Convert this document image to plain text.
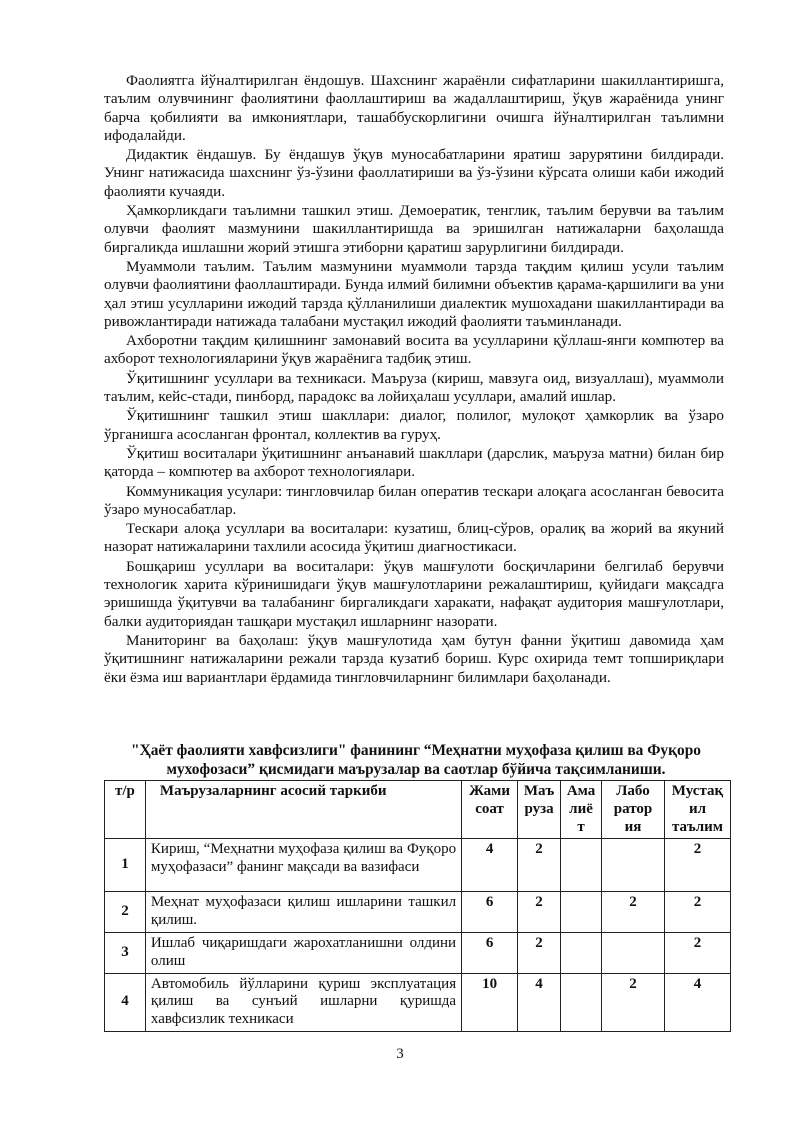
Фаолиятга йўналтирилган ёндошув. Шахснинг жараёнли сифатларини шакиллантиришга, таълим олувчининг фаолиятини фаоллаштириш ва жадаллаштириш, ўқув жараёнида унинг барча қобилияти ва имкониятлари, ташаббускорлигини очишга йўналтирилган таълимни ифодалайди.

Дидактик ёндашув. Бу ёндашув ўқув муносабатларини яратиш зарурятини билдиради. Унинг натижасида шахснинг ўз-ўзини фаоллатириши ва ўз-ўзини кўрсата олиши каби ижодий фаолияти кучаяди.

Ҳамкорликдаги таълимни ташкил этиш. Демоератик, тенглик, таълим берувчи ва таълим олувчи фаолият мазмунини шакиллантиришда ва эришилган натижаларни баҳолашда биргаликда ишлашни жорий этишга этиборни қаратиш зарурлигини билдиради.

Муаммоли таълим. Таълим мазмунини муаммоли тарзда тақдим қилиш усули таълим олувчи фаолиятини фаоллаштиради. Бунда илмий билимни объектив қарама-қаршилиги ва уни ҳал этиш усулларини ижодий тарзда қўлланилиши диалектик мушохадани шакиллантиради ва ривожлантиради натижада талабани мустақил ижодий фаолияти таъминланади.

Ахборотни тақдим қилишнинг замонавий восита ва усулларини қўллаш-янги компютер ва ахборот технологияларини ўқув жараёнига тадбиқ этиш.

Ўқитишнинг усуллари ва техникаси. Маъруза (кириш, мавзуга оид, визуаллаш), муаммоли таълим, кейс-стади, пинборд, парадокс ва лойиҳалаш усуллари, амалий ишлар.

Ўқитишнинг ташкил этиш шакллари: диалог, полилог, мулоқот ҳамкорлик ва ўзаро ўрганишга асосланган фронтал, коллектив ва гуруҳ.

Ўқитиш воситалари ўқитишнинг анъанавий шакллари (дарслик, маъруза матни) билан бир қаторда – компютер ва ахборот технологиялари.

Коммуникация усулари: тингловчилар билан оператив тескари алоқага асосланган бевосита ўзаро муносабатлар.

Тескари алоқа усуллари ва воситалари: кузатиш, блиц-сўров, оралиқ ва жорий ва якуний назорат натижаларини тахлили асосида ўқитиш диагностикаси.

Бошқариш усуллари ва воситалари: ўқув машғулоти босқичларини белгилаб берувчи технологик харита кўринишидаги ўқув машғулотларини режалаштириш, қуйидаги мақсадга эришишда ўқитувчи ва талабанинг биргаликдаги харакати, нафақат аудитория машғулотлари, балки аудиториядан ташқари мустақил ишларнинг назорати.

Маниторинг ва баҳолаш: ўқув машғулотида ҳам бутун фанни ўқитиш давомида ҳам ўқитишнинг натижаларини режали тарзда кузатиб бориш. Курс охирида темт топшириқлари ёки ёзма иш вариантлари ёрдамида тингловчиларнинг билимлари баҳоланади.

"Ҳаёт фаолияти хавфсизлиги" фанининг “Меҳнатни муҳофаза қилиш ва Фуқоро
мухофозаси” қисмидаги маърузалар ва саотлар бўйича тақсимланиши.
т/р	Маърузаларнинг асосий таркиби	Жами соат	Маъ руза	Ама лиё т	Лабо ратор ия	Мустақ ил таълим
1	Кириш, “Меҳнатни муҳофаза қилиш ва Фуқоро муҳофазаси” фанинг мақсади ва вазифаси	4	2			2
2	Меҳнат муҳофазаси қилиш ишларини ташкил қилиш.	6	2		2	2
3	Ишлаб чиқаришдаги жарохатланишни олдини олиш	6	2			2
4	Автомобиль йўлларини қуриш эксплуатация қилиш ва сунъий ишларни қуришда хавфсизлик техникаси	10	4		2	4
3
